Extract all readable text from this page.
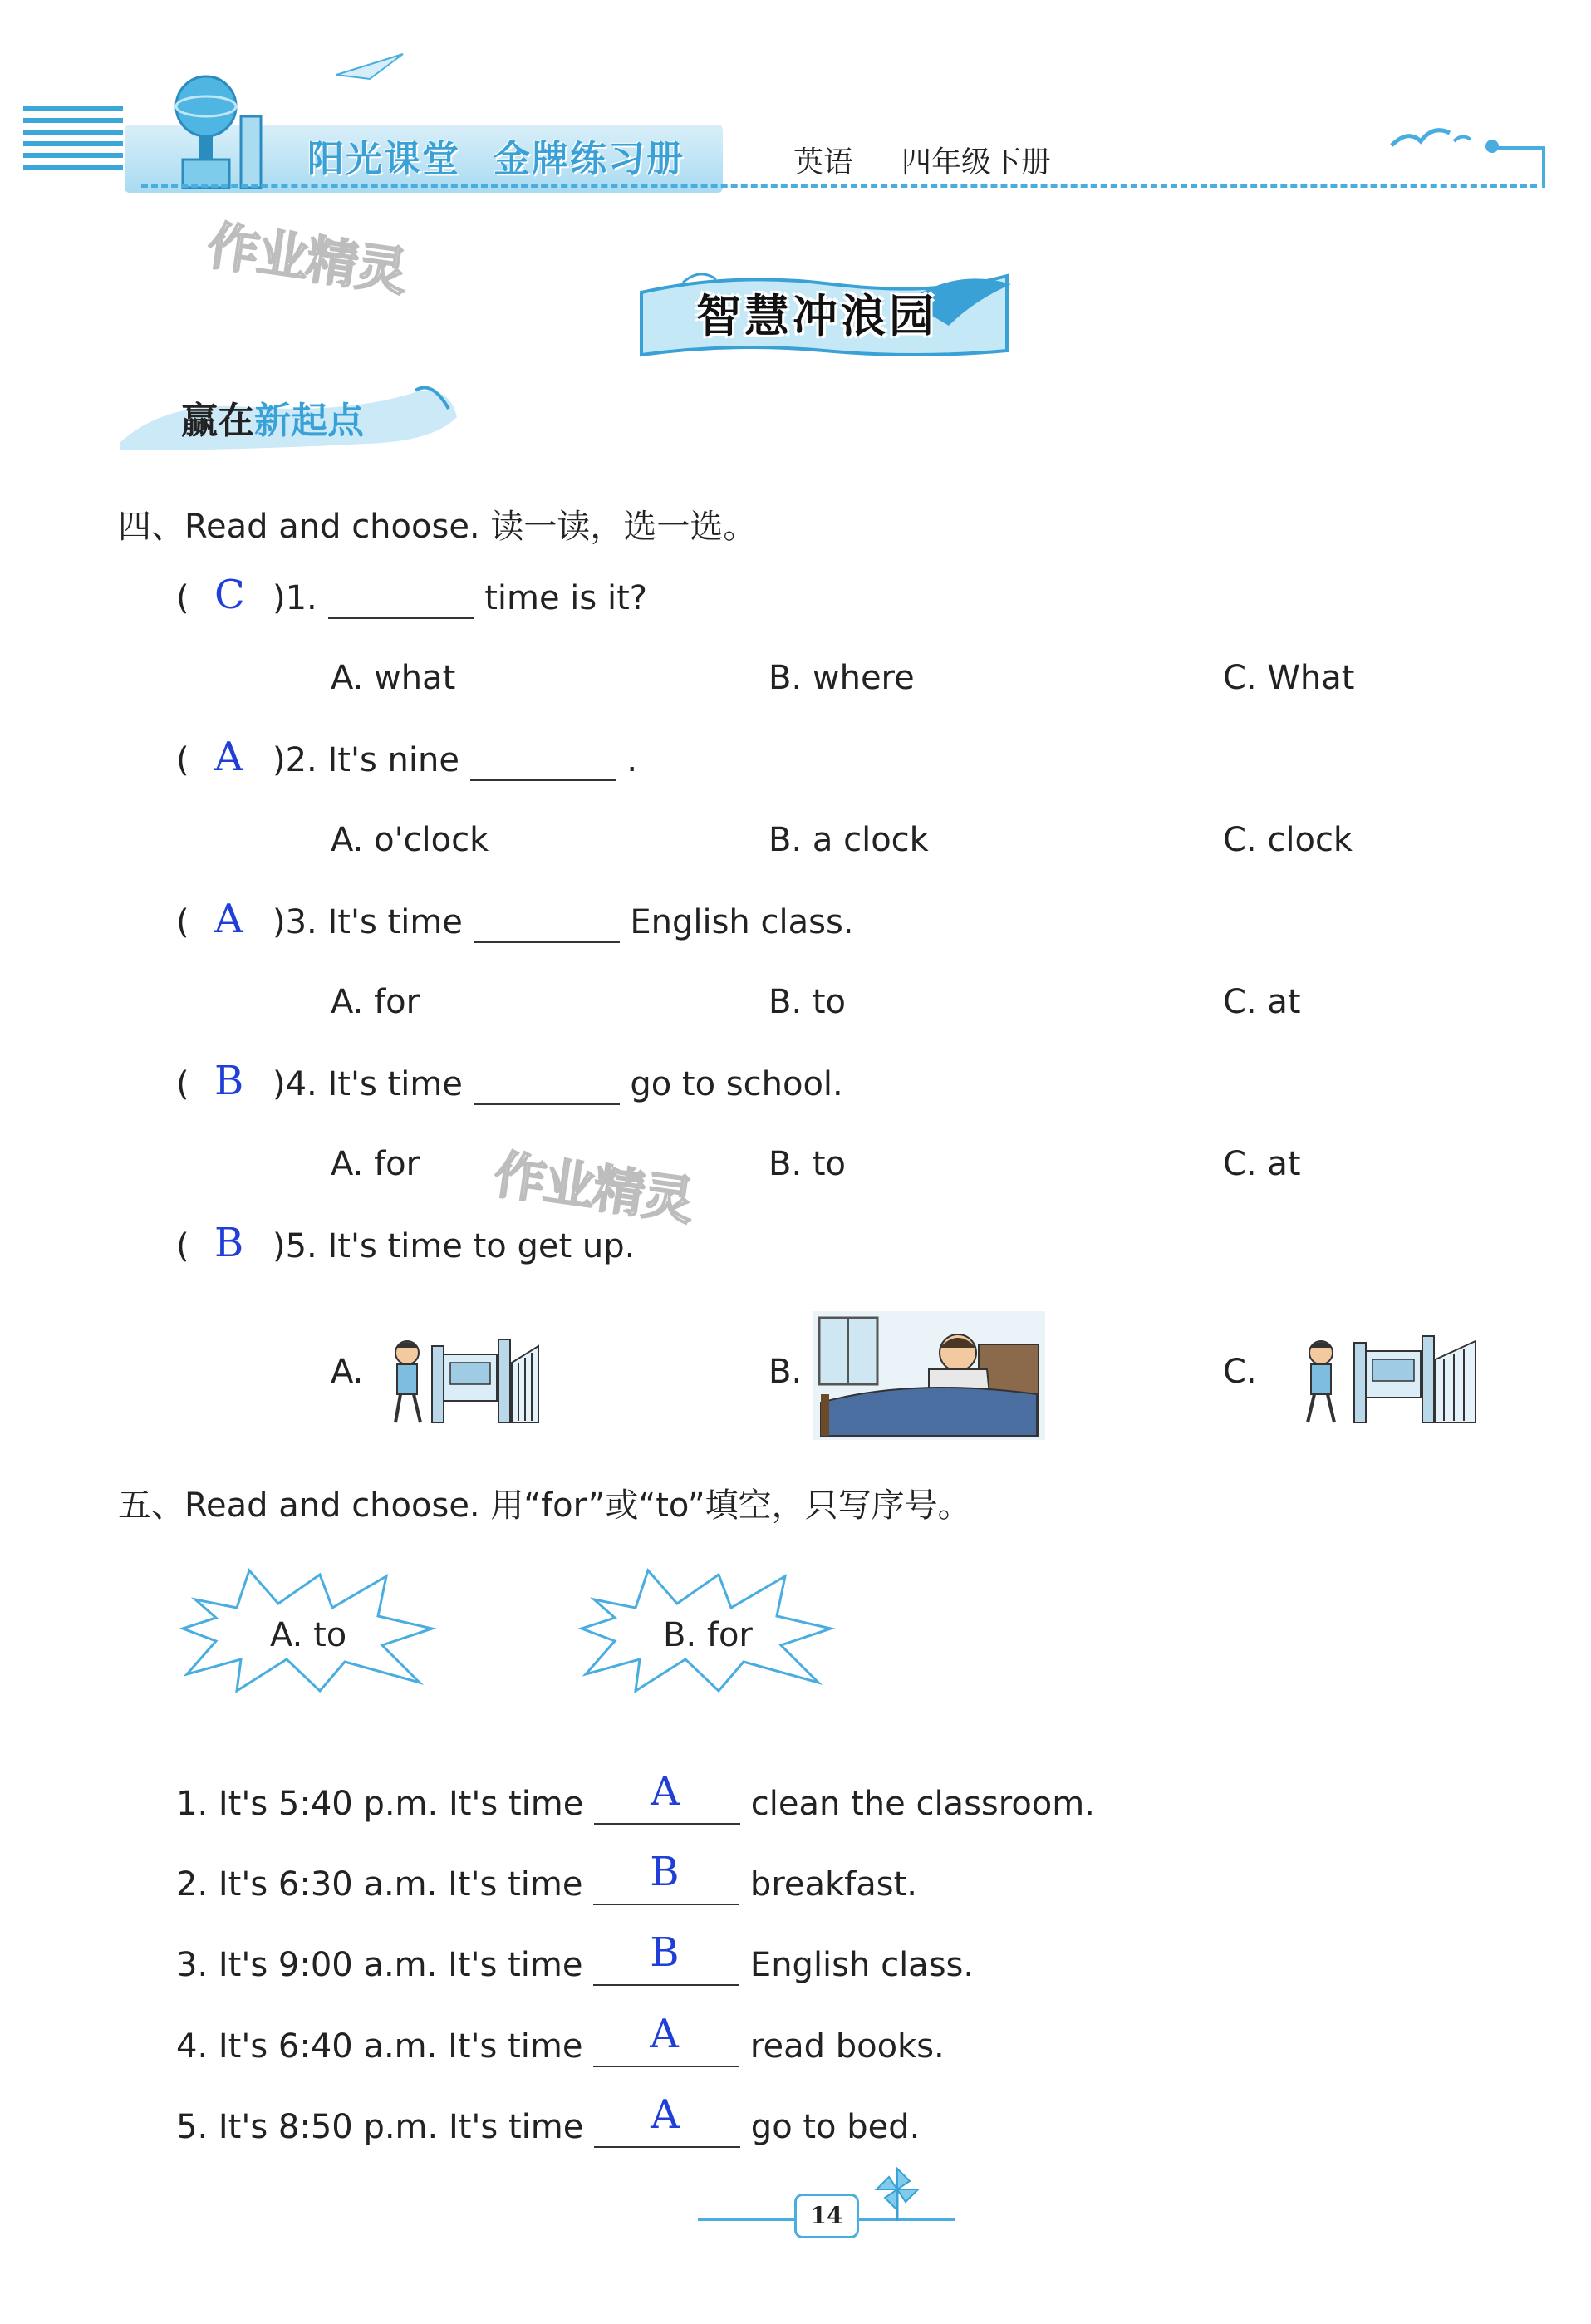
阳光课堂 金牌练习册	英语 四年级下册
作业精灵
作业精灵
智慧冲浪园
赢在新起点
四、Read and choose. 读一读，选一选。
( C )1.	time is it?
A. what	B. where	C. What
( A )2. It's nine	.
A. o'clock	B. a clock	C. clock
( A )3. It's time	English class.
A. for	B. to	C. at
( B )4. It's time	go to school.
A. for	B. to	C. at
( B )5. It's time to get up.
A.	B.	C.
五、Read and choose. 用“for”或“to”填空，只写序号。
A. to	B. for
1. It's 5:40 p.m. It's time A clean the classroom.
2. It's 6:30 a.m. It's time B breakfast.
3. It's 9:00 a.m. It's time B English class.
4. It's 6:40 a.m. It's time A read books.
5. It's 8:50 p.m. It's time A go to bed.
14
